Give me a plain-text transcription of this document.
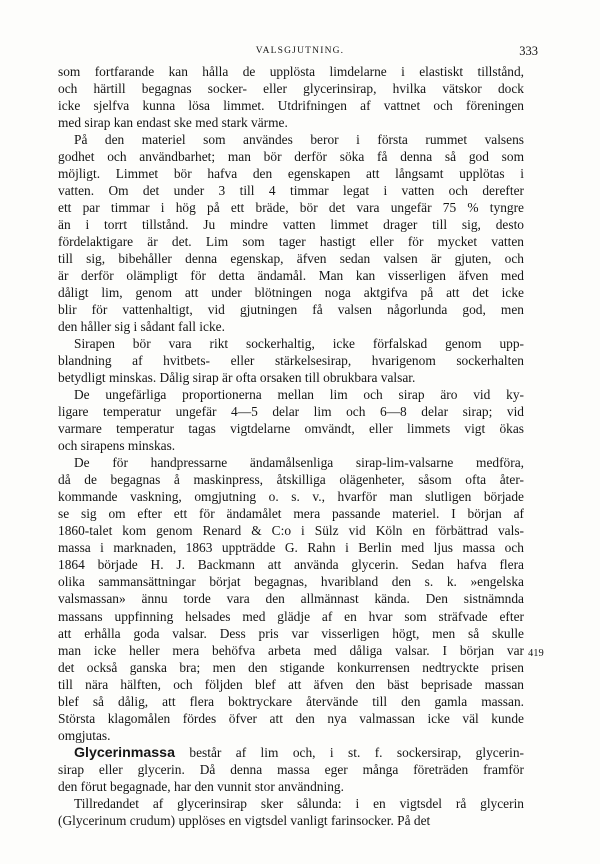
VALSGJUTNING.	333
som fortfarande kan hålla de upplösta limdelarne i elastiskt tillstånd,
och härtill begagnas socker- eller glycerinsirap, hvilka vätskor dock
icke sjelfva kunna lösa limmet. Utdrifningen af vattnet och föreningen
med sirap kan endast ske med stark värme.
På den materiel som användes beror i första rummet valsens
godhet och användbarhet; man bör derför söka få denna så god som
möjligt. Limmet bör hafva den egenskapen att långsamt upplötas i
vatten. Om det under 3 till 4 timmar legat i vatten och derefter
ett par timmar i hög på ett bräde, bör det vara ungefär 75 % tyngre
än i torrt tillstånd. Ju mindre vatten limmet drager till sig, desto
fördelaktigare är det. Lim som tager hastigt eller för mycket vatten
till sig, bibehåller denna egenskap, äfven sedan valsen är gjuten, och
är derför olämpligt för detta ändamål. Man kan visserligen äfven med
dåligt lim, genom att under blötningen noga aktgifva på att det icke
blir för vattenhaltigt, vid gjutningen få valsen någorlunda god, men
den håller sig i sådant fall icke.
Sirapen bör vara rikt sockerhaltig, icke förfalskad genom upp-
blandning af hvitbets- eller stärkelsesirap, hvarigenom sockerhalten
betydligt minskas. Dålig sirap är ofta orsaken till obrukbara valsar.
De ungefärliga proportionerna mellan lim och sirap äro vid ky-
ligare temperatur ungefär 4—5 delar lim och 6—8 delar sirap; vid
varmare temperatur tagas vigtdelarne omvändt, eller limmets vigt ökas
och sirapens minskas.
De för handpressarne ändamålsenliga sirap-lim-valsarne medföra,
då de begagnas å maskinpress, åtskilliga olägenheter, såsom ofta åter-
kommande vaskning, omgjutning o. s. v., hvarför man slutligen började
se sig om efter ett för ändamålet mera passande materiel. I början af
1860-talet kom genom Renard & C:o i Sülz vid Köln en förbättrad vals-
massa i marknaden, 1863 uppträdde G. Rahn i Berlin med ljus massa och
1864 började H. J. Backmann att använda glycerin. Sedan hafva flera
olika sammansättningar börjat begagnas, hvaribland den s. k. »engelska
valsmassan» ännu torde vara den allmännast kända. Den sistnämnda
massans uppfinning helsades med glädje af en hvar som sträfvade efter
att erhålla goda valsar. Dess pris var visserligen högt, men så skulle
man icke heller mera behöfva arbeta med dåliga valsar. I början var
det också ganska bra; men den stigande konkurrensen nedtryckte prisen
till nära hälften, och följden blef att äfven den bäst beprisade massan
blef så dålig, att flera boktryckare återvände till den gamla massan.
Största klagomålen fördes öfver att den nya valmassan icke väl kunde
omgjutas.
Glycerinmassa består af lim och, i st. f. sockersirap, glycerin-
sirap eller glycerin. Då denna massa eger många företräden framför
den förut begagnade, har den vunnit stor användning.
Tillredandet af glycerinsirap sker sålunda: i en vigtsdel rå glycerin
(Glycerinum crudum) upplöses en vigtsdel vanligt farinsocker. På det
419
